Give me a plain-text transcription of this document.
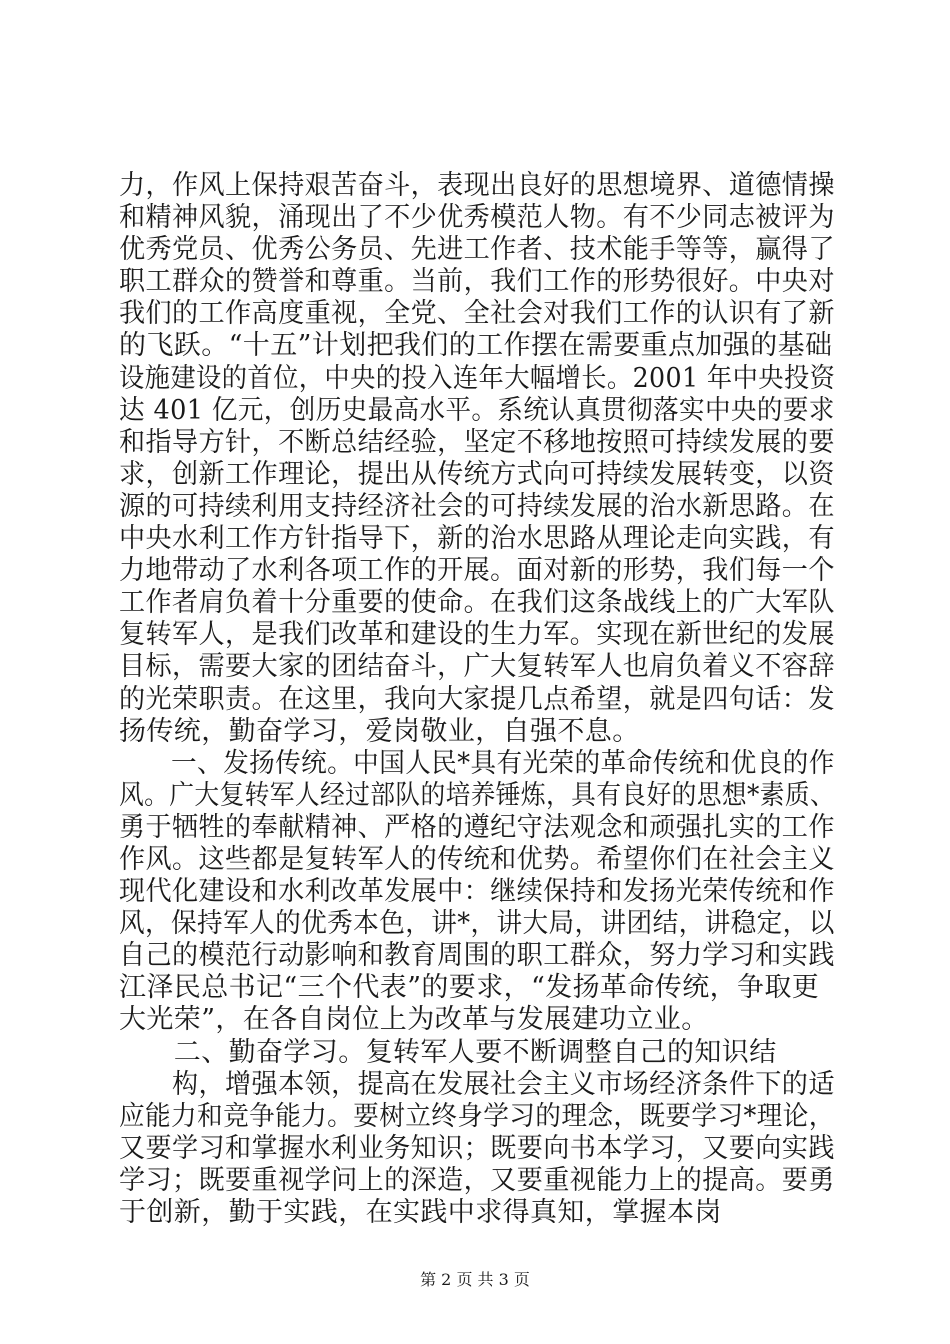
力，作风上保持艰苦奋斗，表现出良好的思想境界、道德情操
和精神风貌，涌现出了不少优秀模范人物。有不少同志被评为
优秀党员、优秀公务员、先进工作者、技术能手等等，赢得了
职工群众的赞誉和尊重。当前，我们工作的形势很好。中央对
我们的工作高度重视，全党、全社会对我们工作的认识有了新
的飞跃。“十五”计划把我们的工作摆在需要重点加强的基础
设施建设的首位，中央的投入连年大幅增长。2001 年中央投资
达 401 亿元，创历史最高水平。系统认真贯彻落实中央的要求
和指导方针，不断总结经验，坚定不移地按照可持续发展的要
求，创新工作理论，提出从传统方式向可持续发展转变，以资
源的可持续利用支持经济社会的可持续发展的治水新思路。在
中央水利工作方针指导下，新的治水思路从理论走向实践，有
力地带动了水利各项工作的开展。面对新的形势，我们每一个
工作者肩负着十分重要的使命。在我们这条战线上的广大军队
复转军人，是我们改革和建设的生力军。实现在新世纪的发展
目标，需要大家的团结奋斗，广大复转军人也肩负着义不容辞
的光荣职责。在这里，我向大家提几点希望，就是四句话：发
扬传统，勤奋学习，爱岗敬业，自强不息。
　　一、发扬传统。中国人民*具有光荣的革命传统和优良的作
风。广大复转军人经过部队的培养锤炼，具有良好的思想*素质、
勇于牺牲的奉献精神、严格的遵纪守法观念和顽强扎实的工作
作风。这些都是复转军人的传统和优势。希望你们在社会主义
现代化建设和水利改革发展中：继续保持和发扬光荣传统和作
风，保持军人的优秀本色，讲*，讲大局，讲团结，讲稳定，以
自己的模范行动影响和教育周围的职工群众，努力学习和实践
江泽民总书记“三个代表”的要求，“发扬革命传统，争取更
大光荣”，在各自岗位上为改革与发展建功立业。
　　二、勤奋学习。复转军人要不断调整自己的知识结
　　构，增强本领，提高在发展社会主义市场经济条件下的适
应能力和竞争能力。要树立终身学习的理念，既要学习*理论，
又要学习和掌握水利业务知识；既要向书本学习，又要向实践
学习；既要重视学问上的深造，又要重视能力上的提高。要勇
于创新，勤于实践，在实践中求得真知，掌握本岗
第 2 页 共 3 页
